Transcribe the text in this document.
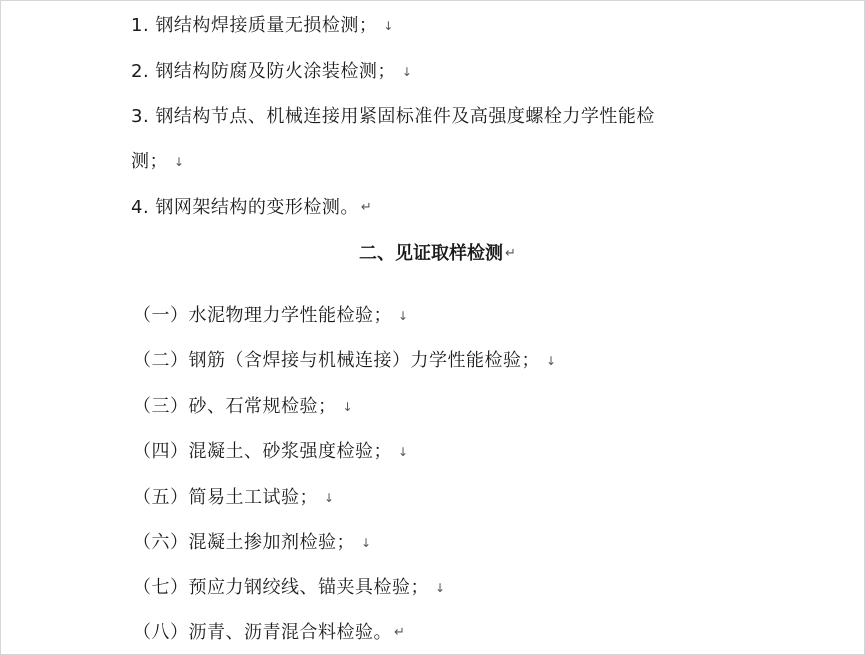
1. 钢结构焊接质量无损检测； ↓
2. 钢结构防腐及防火涂装检测； ↓
3. 钢结构节点、机械连接用紧固标准件及高强度螺栓力学性能检
测； ↓
4. 钢网架结构的变形检测。 ↵
二、见证取样检测 ↵
（一）水泥物理力学性能检验； ↓
（二）钢筋（含焊接与机械连接）力学性能检验； ↓
（三）砂、石常规检验； ↓
（四）混凝土、砂浆强度检验； ↓
（五）简易土工试验； ↓
（六）混凝土掺加剂检验； ↓
（七）预应力钢绞线、锚夹具检验； ↓
（八）沥青、沥青混合料检验。 ↵
